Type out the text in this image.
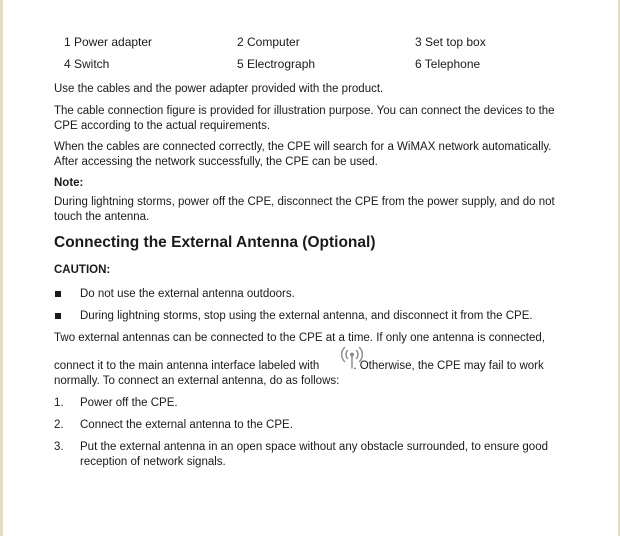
1 Power adapter	2 Computer	3 Set top box
4 Switch	5 Electrograph	6 Telephone

Use the cables and the power adapter provided with the product.

The cable connection figure is provided for illustration purpose. You can connect the devices to the CPE according to the actual requirements.

When the cables are connected correctly, the CPE will search for a WiMAX network automatically. After accessing the network successfully, the CPE can be used.

Note:

During lightning storms, power off the CPE, disconnect the CPE from the power supply, and do not touch the antenna.

Connecting the External Antenna (Optional)
CAUTION:
Do not use the external antenna outdoors.
During lightning storms, stop using the external antenna, and disconnect it from the CPE.

Two external antennas can be connected to the CPE at a time. If only one antenna is connected,

connect it to the main antenna interface labeled with	. Otherwise, the CPE may fail to work

normally. To connect an external antenna, do as follows:

1. Power off the CPE.
2. Connect the external antenna to the CPE.
3. Put the external antenna in an open space without any obstacle surrounded, to ensure good reception of network signals.
